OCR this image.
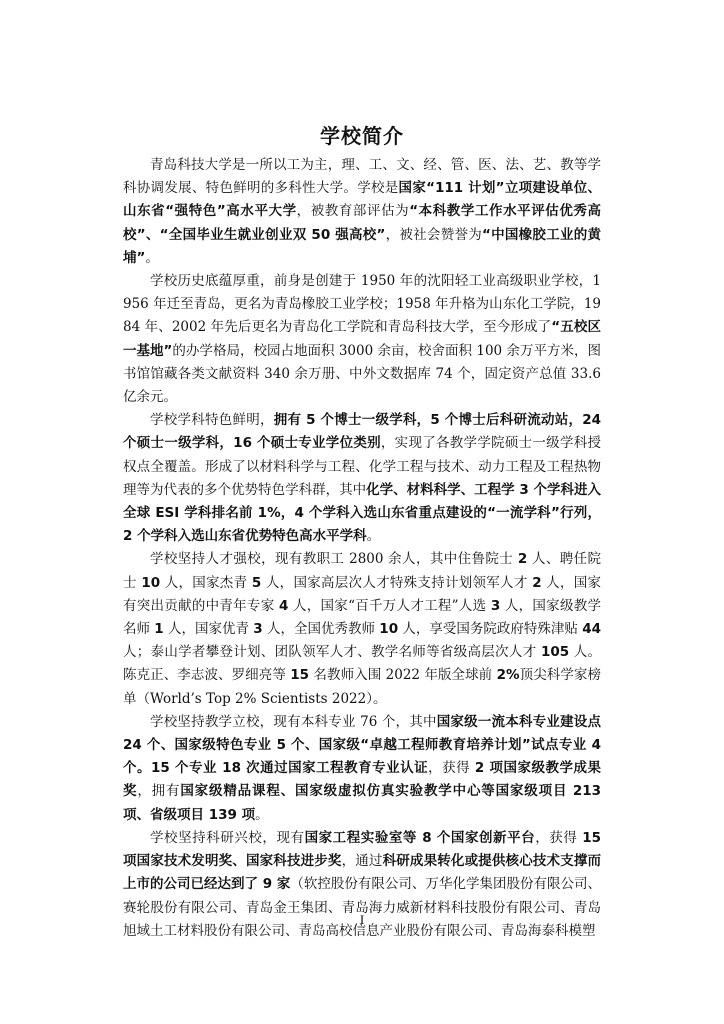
学校简介

青岛科技大学是一所以工为主，理、工、文、经、管、医、法、艺、教等学科协调发展、特色鲜明的多科性大学。学校是国家“111 计划”立项建设单位、山东省“强特色”高水平大学，被教育部评估为“本科教学工作水平评估优秀高校”、“全国毕业生就业创业双 50 强高校”，被社会赞誉为“中国橡胶工业的黄埔”。

学校历史底蕴厚重，前身是创建于 1950 年的沈阳轻工业高级职业学校，1956 年迁至青岛，更名为青岛橡胶工业学校；1958 年升格为山东化工学院，1984 年、2002 年先后更名为青岛化工学院和青岛科技大学，至今形成了“五校区一基地”的办学格局，校园占地面积 3000 余亩，校舍面积 100 余万平方米，图书馆馆藏各类文献资料 340 余万册、中外文数据库 74 个，固定资产总值 33.6 亿余元。

学校学科特色鲜明，拥有 5 个博士一级学科，5 个博士后科研流动站，24 个硕士一级学科，16 个硕士专业学位类别，实现了各教学学院硕士一级学科授权点全覆盖。形成了以材料科学与工程、化学工程与技术、动力工程及工程热物理等为代表的多个优势特色学科群，其中化学、材料科学、工程学 3 个学科进入全球 ESI 学科排名前 1%，4 个学科入选山东省重点建设的“一流学科”行列，2 个学科入选山东省优势特色高水平学科。

学校坚持人才强校，现有教职工 2800 余人，其中住鲁院士 2 人、聘任院士 10 人，国家杰青 5 人，国家高层次人才特殊支持计划领军人才 2 人，国家有突出贡献的中青年专家 4 人，国家“百千万人才工程”人选 3 人，国家级教学名师 1 人，国家优青 3 人，全国优秀教师 10 人，享受国务院政府特殊津贴 44 人；泰山学者攀登计划、团队领军人才、教学名师等省级高层次人才 105 人。陈克正、李志波、罗细亮等 15 名教师入围 2022 年版全球前 2%顶尖科学家榜单（World’s Top 2% Scientists 2022）。

学校坚持教学立校，现有本科专业 76 个，其中国家级一流本科专业建设点 24 个、国家级特色专业 5 个、国家级“卓越工程师教育培养计划”试点专业 4 个。15 个专业 18 次通过国家工程教育专业认证，获得 2 项国家级教学成果奖，拥有国家级精品课程、国家级虚拟仿真实验教学中心等国家级项目 213 项、省级项目 139 项。

学校坚持科研兴校，现有国家工程实验室等 8 个国家创新平台，获得 15 项国家技术发明奖、国家科技进步奖，通过科研成果转化或提供核心技术支撑而上市的公司已经达到了 9 家（软控股份有限公司、万华化学集团股份有限公司、赛轮股份有限公司、青岛金王集团、青岛海力威新材料科技股份有限公司、青岛旭域土工材料股份有限公司、青岛高校信息产业股份有限公司、青岛海泰科模塑

I
